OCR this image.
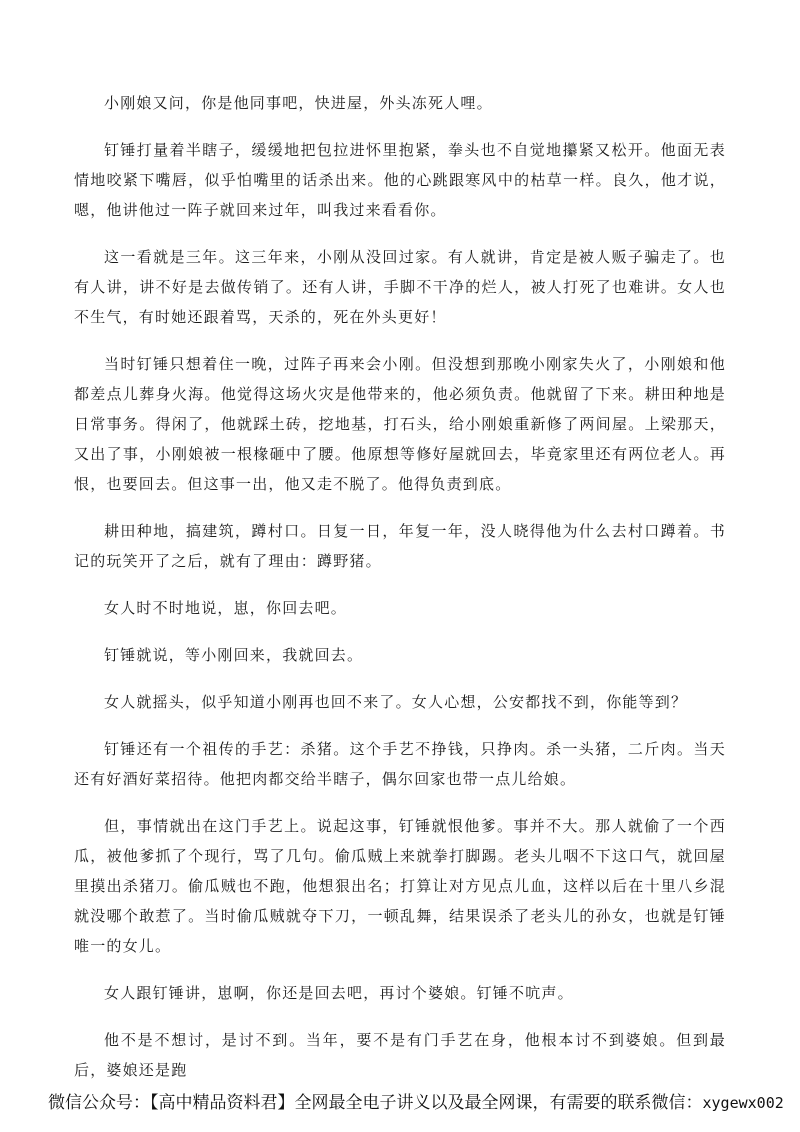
小刚娘又问，你是他同事吧，快进屋，外头冻死人哩。

钉锤打量着半瞎子，缓缓地把包拉进怀里抱紧，拳头也不自觉地攥紧又松开。他面无表情地咬紧下嘴唇，似乎怕嘴里的话杀出来。他的心跳跟寒风中的枯草一样。良久，他才说，嗯，他讲他过一阵子就回来过年，叫我过来看看你。

这一看就是三年。这三年来，小刚从没回过家。有人就讲，肯定是被人贩子骗走了。也有人讲，讲不好是去做传销了。还有人讲，手脚不干净的烂人，被人打死了也难讲。女人也不生气，有时她还跟着骂，天杀的，死在外头更好！

当时钉锤只想着住一晚，过阵子再来会小刚。但没想到那晚小刚家失火了，小刚娘和他都差点儿葬身火海。他觉得这场火灾是他带来的，他必须负责。他就留了下来。耕田种地是日常事务。得闲了，他就踩土砖，挖地基，打石头，给小刚娘重新修了两间屋。上梁那天，又出了事，小刚娘被一根椽砸中了腰。他原想等修好屋就回去，毕竟家里还有两位老人。再恨，也要回去。但这事一出，他又走不脱了。他得负责到底。

耕田种地，搞建筑，蹲村口。日复一日，年复一年，没人晓得他为什么去村口蹲着。书记的玩笑开了之后，就有了理由：蹲野猪。

女人时不时地说，崽，你回去吧。

钉锤就说，等小刚回来，我就回去。

女人就摇头，似乎知道小刚再也回不来了。女人心想，公安都找不到，你能等到？

钉锤还有一个祖传的手艺：杀猪。这个手艺不挣钱，只挣肉。杀一头猪，二斤肉。当天还有好酒好菜招待。他把肉都交给半瞎子，偶尔回家也带一点儿给娘。

但，事情就出在这门手艺上。说起这事，钉锤就恨他爹。事并不大。那人就偷了一个西瓜，被他爹抓了个现行，骂了几句。偷瓜贼上来就拳打脚踢。老头儿咽不下这口气，就回屋里摸出杀猪刀。偷瓜贼也不跑，他想狠出名；打算让对方见点儿血，这样以后在十里八乡混就没哪个敢惹了。当时偷瓜贼就夺下刀，一顿乱舞，结果误杀了老头儿的孙女，也就是钉锤唯一的女儿。

女人跟钉锤讲，崽啊，你还是回去吧，再讨个婆娘。钉锤不吭声。

他不是不想讨，是讨不到。当年，要不是有门手艺在身，他根本讨不到婆娘。但到最后，婆娘还是跑

微信公众号：【高中精品资料君】全网最全电子讲义以及最全网课，有需要的联系微信：xygewx002
